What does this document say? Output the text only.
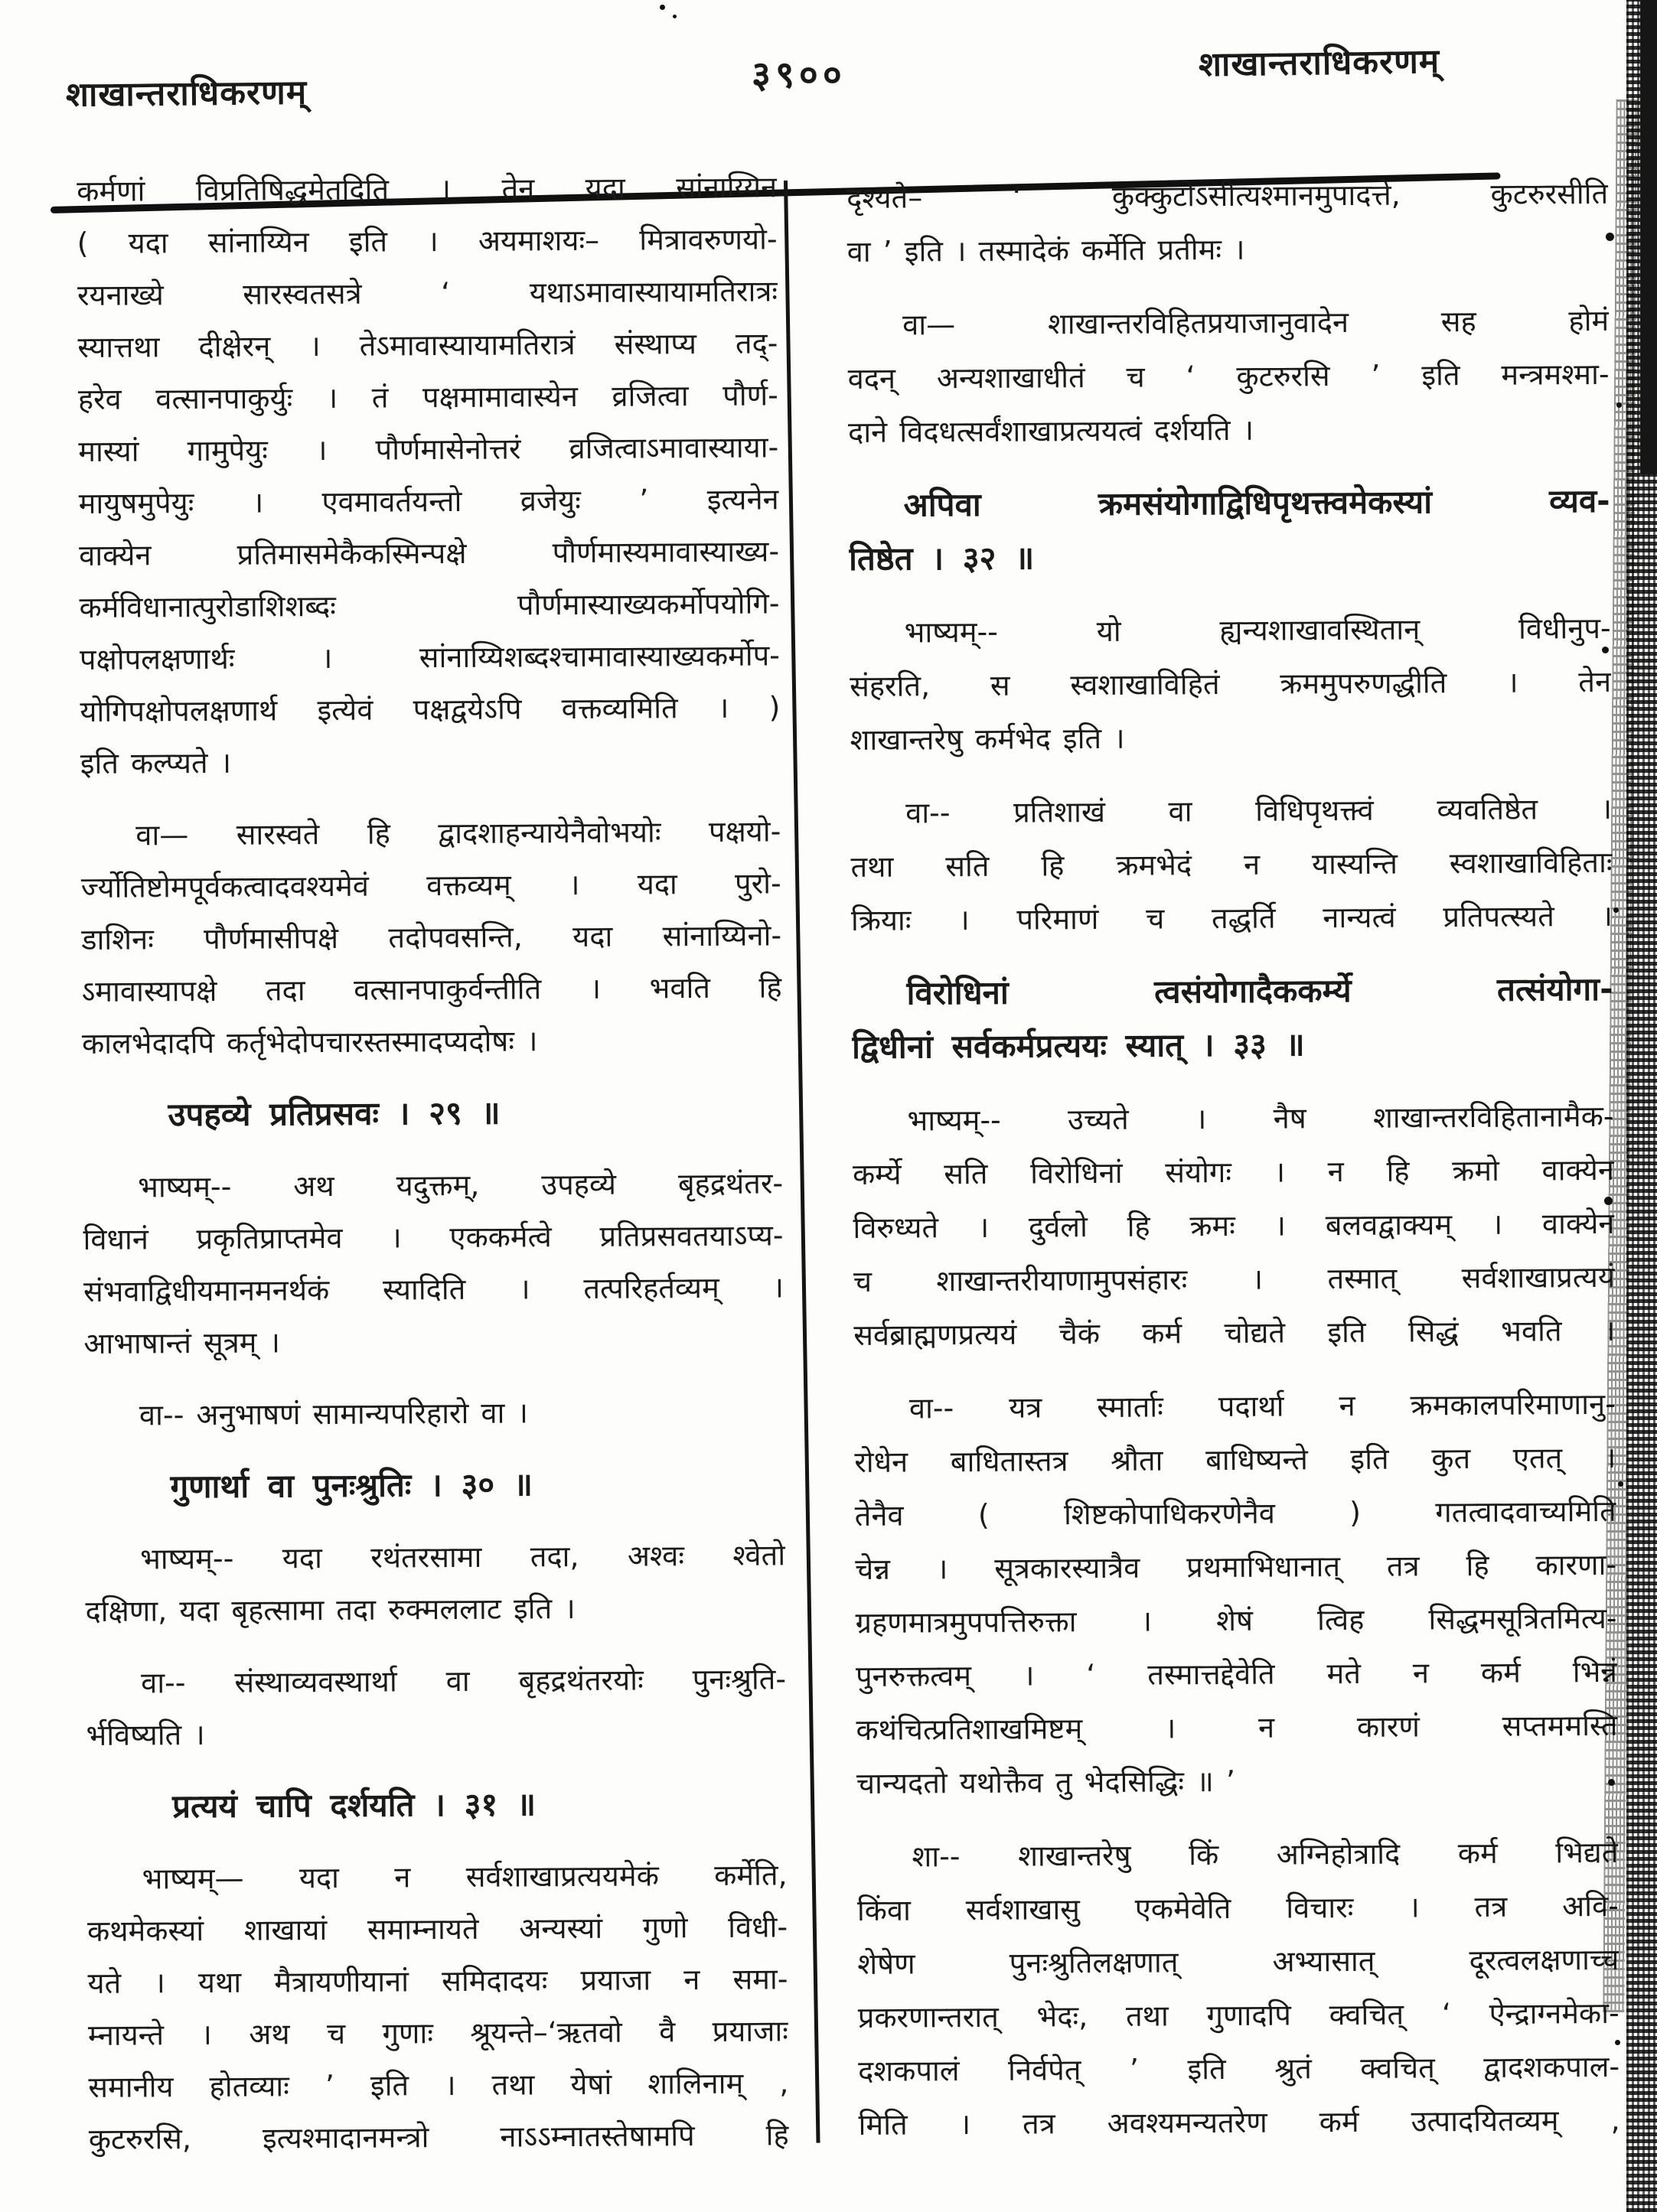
शाखान्तराधिकरणम्	३९००	शाखान्तराधिकरणम्
कर्मणां विप्रतिषिद्धमेतदिति । तेन यदा सांनाय्यिन
( यदा सांनाय्यिन इति । अयमाशयः– मित्रावरुणयो-
रयनाख्ये सारस्वतसत्रे ‘ यथाऽमावास्यायामतिरात्रः
स्यात्तथा दीक्षेरन् । तेऽमावास्यायामतिरात्रं संस्थाप्य तद्-
हरेव वत्सानपाकुर्युः । तं पक्षमामावास्येन व्रजित्वा पौर्ण-
मास्यां गामुपेयुः । पौर्णमासेनोत्तरं व्रजित्वाऽमावास्याया-
मायुषमुपेयुः । एवमावर्तयन्तो व्रजेयुः ’ इत्यनेन
वाक्येन प्रतिमासमेकैकस्मिन्पक्षे पौर्णमास्यमावास्याख्य-
कर्मविधानात्पुरोडाशिशब्दः पौर्णमास्याख्यकर्मोपयोगि-
पक्षोपलक्षणार्थः । सांनाय्यिशब्दश्चामावास्याख्यकर्मोप-
योगिपक्षोपलक्षणार्थ इत्येवं पक्षद्वयेऽपि वक्तव्यमिति । )
इति कल्प्यते ।
वा— सारस्वते हि द्वादशाहन्यायेनैवोभयोः पक्षयो-
र्ज्योतिष्टोमपूर्वकत्वादवश्यमेवं वक्तव्यम् । यदा पुरो-
डाशिनः पौर्णमासीपक्षे तदोपवसन्ति, यदा सांनाय्यिनो-
ऽमावास्यापक्षे तदा वत्सानपाकुर्वन्तीति । भवति हि
कालभेदादपि कर्तृभेदोपचारस्तस्मादप्यदोषः ।
उपहव्ये प्रतिप्रसवः । २९ ॥
भाष्यम्-- अथ यदुक्तम्, उपहव्ये बृहद्रथंतर-
विधानं प्रकृतिप्राप्तमेव । एककर्मत्वे प्रतिप्रसवतयाऽप्य-
संभवाद्विधीयमानमनर्थकं स्यादिति । तत्परिहर्तव्यम् ।
आभाषान्तं सूत्रम् ।
वा-- अनुभाषणं सामान्यपरिहारो वा ।
गुणार्था वा पुनःश्रुतिः । ३० ॥
भाष्यम्-- यदा रथंतरसामा तदा, अश्वः श्वेतो
दक्षिणा, यदा बृहत्सामा तदा रुक्मललाट इति ।
वा-- संस्थाव्यवस्थार्था वा बृहद्रथंतरयोः पुनःश्रुति-
र्भविष्यति ।
प्रत्ययं चापि दर्शयति । ३१ ॥
भाष्यम्— यदा न सर्वशाखाप्रत्ययमेकं कर्मेति,
कथमेकस्यां शाखायां समाम्नायते अन्यस्यां गुणो विधी-
यते । यथा मैत्रायणीयानां समिदादयः प्रयाजा न समा-
म्नायन्ते । अथ च गुणाः श्रूयन्ते–‘ऋतवो वै प्रयाजाः
समानीय होतव्याः ’ इति । तथा येषां शालिनाम् ,
कुटरुरसि, इत्यश्मादानमन्त्रो नाऽऽम्नातस्तेषामपि हि
दृश्यते– ‘ कुक्कुटोऽसीत्यश्मानमुपादत्ते, कुटरुरसीति
वा ’ इति । तस्मादेकं कर्मेति प्रतीमः ।
वा— शाखान्तरविहितप्रयाजानुवादेन सह होमं
वदन् अन्यशाखाधीतं च ‘ कुटरुरसि ’ इति मन्त्रमश्मा-
दाने विदधत्सर्वंशाखाप्रत्ययत्वं दर्शयति ।
अपिवा क्रमसंयोगाद्विधिपृथक्त्वमेकस्यां व्यव-
तिष्ठेत । ३२ ॥
भाष्यम्-- यो ह्यन्यशाखावस्थितान् विधीनुप-
संहरति, स स्वशाखाविहितं क्रममुपरुणद्धीति । तेन
शाखान्तरेषु कर्मभेद इति ।
वा-- प्रतिशाखं वा विधिपृथक्त्वं व्यवतिष्ठेत ।
तथा सति हि क्रमभेदं न यास्यन्ति स्वशाखाविहिताः
क्रियाः । परिमाणं च तद्धर्ति नान्यत्वं प्रतिपत्स्यते ।
विरोधिनां त्वसंयोगादैककर्म्ये तत्संयोगा-
द्विधीनां सर्वकर्मप्रत्ययः स्यात् । ३३ ॥
भाष्यम्-- उच्यते । नैष शाखान्तरविहितानामैक-
कर्म्ये सति विरोधिनां संयोगः । न हि क्रमो वाक्येन
विरुध्यते । दुर्वलो हि क्रमः । बलवद्वाक्यम् । वाक्येन
च शाखान्तरीयाणामुपसंहारः । तस्मात् सर्वशाखाप्रत्ययं
सर्वब्राह्मणप्रत्ययं चैकं कर्म चोद्यते इति सिद्धं भवति ।
वा-- यत्र स्मार्ताः पदार्था न क्रमकालपरिमाणानु-
रोधेन बाधितास्तत्र श्रौता बाधिष्यन्ते इति कुत एतत् ।
तेनैव ( शिष्टकोपाधिकरणेनैव ) गतत्वादवाच्यमिति
चेन्न । सूत्रकारस्यात्रैव प्रथमाभिधानात् तत्र हि कारणा-
ग्रहणमात्रमुपपत्तिरुक्ता । शेषं त्विह सिद्धमसूत्रितमित्य-
पुनरुक्तत्वम् । ‘ तस्मात्तद्देवेति मते न कर्म भिन्नं
कथंचित्प्रतिशाखमिष्टम् । न कारणं सप्तममस्ति
चान्यदतो यथोक्तैव तु भेदसिद्धिः ॥ ’
शा-- शाखान्तरेषु किं अग्निहोत्रादि कर्म भिद्यते
किंवा सर्वशाखासु एकमेवेति विचारः । तत्र अवि-
शेषेण पुनःश्रुतिलक्षणात् अभ्यासात् दूरत्वलक्षणाच्च
प्रकरणान्तरात् भेदः, तथा गुणादपि क्वचित् ‘ ऐन्द्राग्नमेका-
दशकपालं निर्वपेत् ’ इति श्रुतं क्वचित् द्वादशकपाल-
मिति । तत्र अवश्यमन्यतरेण कर्म उत्पादयितव्यम् ,
